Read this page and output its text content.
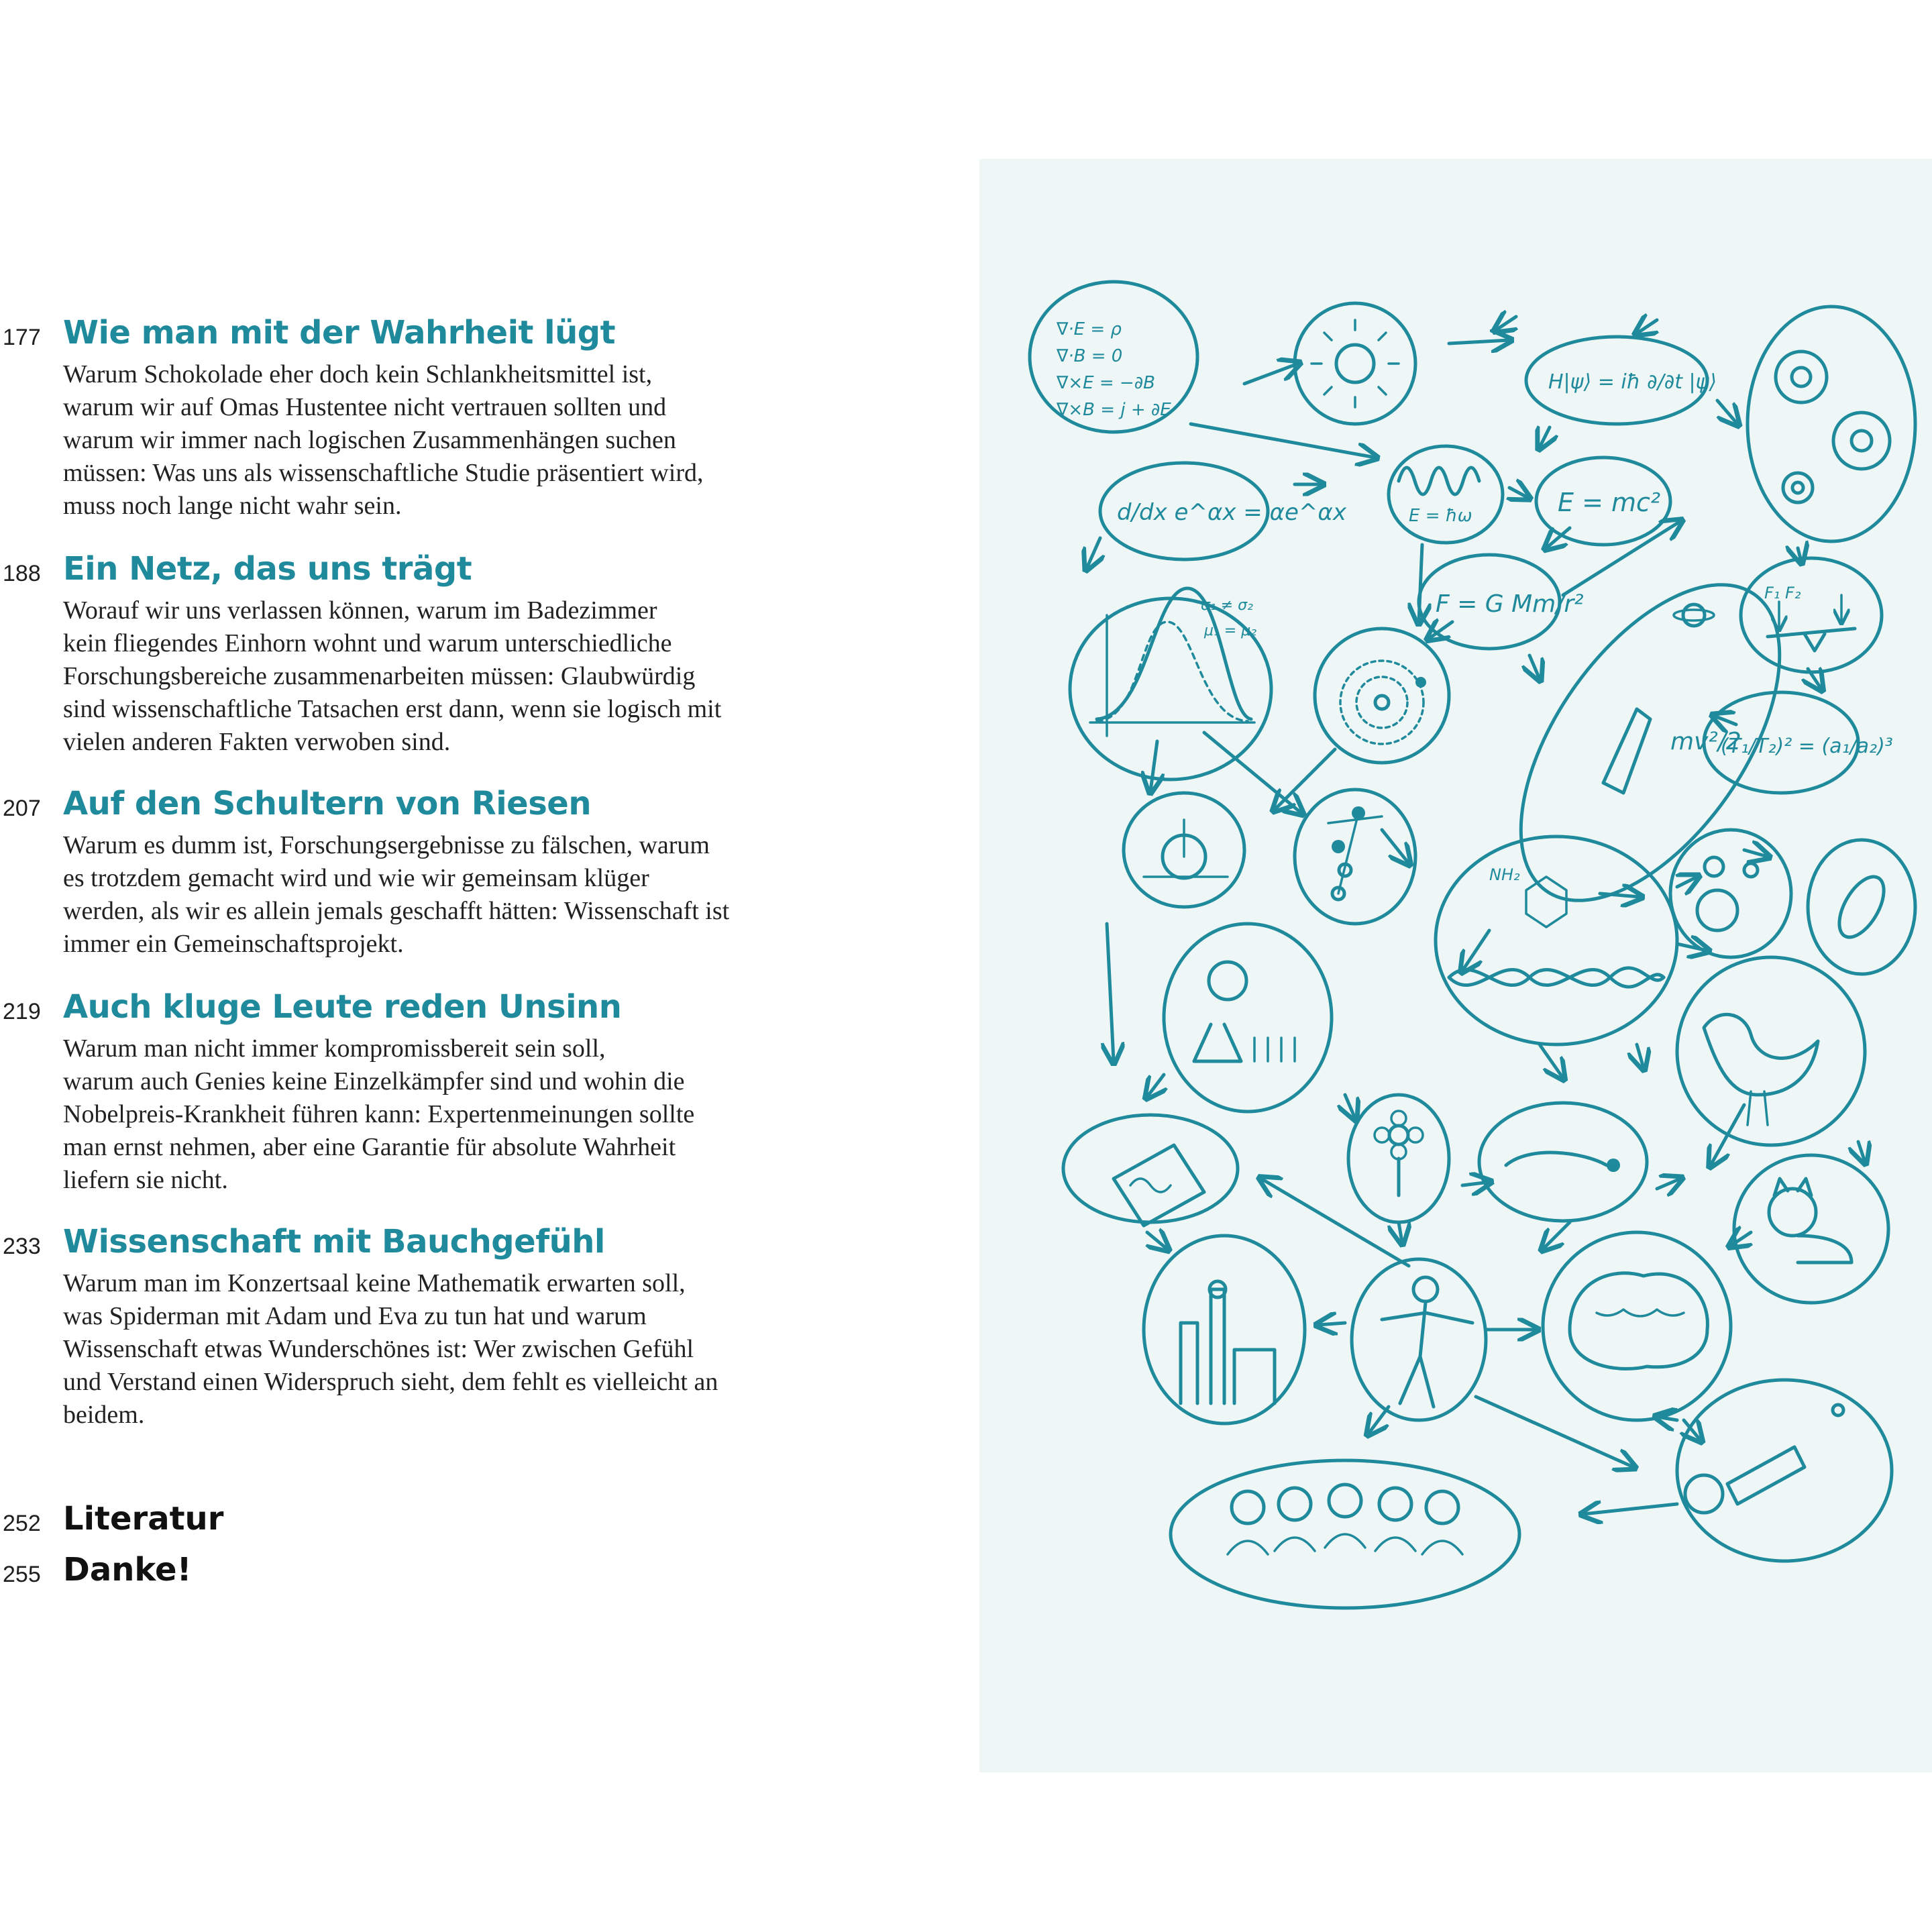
177 Wie man mit der Wahrheit lügt
Warum Schokolade eher doch kein Schlankheitsmittel ist,
warum wir auf Omas Hustentee nicht vertrauen sollten und
warum wir immer nach logischen Zusammenhängen suchen
müssen: Was uns als wissenschaftliche Studie präsentiert wird,
muss noch lange nicht wahr sein.
188 Ein Netz, das uns trägt
Worauf wir uns verlassen können, warum im Badezimmer
kein fliegendes Einhorn wohnt und warum unterschiedliche
Forschungsbereiche zusammenarbeiten müssen: Glaubwürdig
sind wissenschaftliche Tatsachen erst dann, wenn sie logisch mit
vielen anderen Fakten verwoben sind.
207 Auf den Schultern von Riesen
Warum es dumm ist, Forschungsergebnisse zu fälschen, warum
es trotzdem gemacht wird und wie wir gemeinsam klüger
werden, als wir es allein jemals geschafft hätten: Wissenschaft ist
immer ein Gemeinschaftsprojekt.
219 Auch kluge Leute reden Unsinn
Warum man nicht immer kompromissbereit sein soll,
warum auch Genies keine Einzelkämpfer sind und wohin die
Nobelpreis-Krankheit führen kann: Expertenmeinungen sollte
man ernst nehmen, aber eine Garantie für absolute Wahrheit
liefern sie nicht.
233 Wissenschaft mit Bauchgefühl
Warum man im Konzertsaal keine Mathematik erwarten soll,
was Spiderman mit Adam und Eva zu tun hat und warum
Wissenschaft etwas Wunderschönes ist: Wer zwischen Gefühl
und Verstand einen Widerspruch sieht, dem fehlt es vielleicht an
beidem.
252 Literatur
255 Danke!
∇·E = ρ
∇·B = 0
∇×E = −∂B
∇×B = j + ∂E
H|ψ⟩ = iħ ∂/∂t |ψ⟩
d/dx e^αx = αe^αx	E = ħω	E = mc²
F = G Mm/r²	F₁ F₂
σ₁ ≠ σ₂
μ₁ = μ₂
mv²/2
(T₁/T₂)² = (a₁/a₂)³
NH₂
